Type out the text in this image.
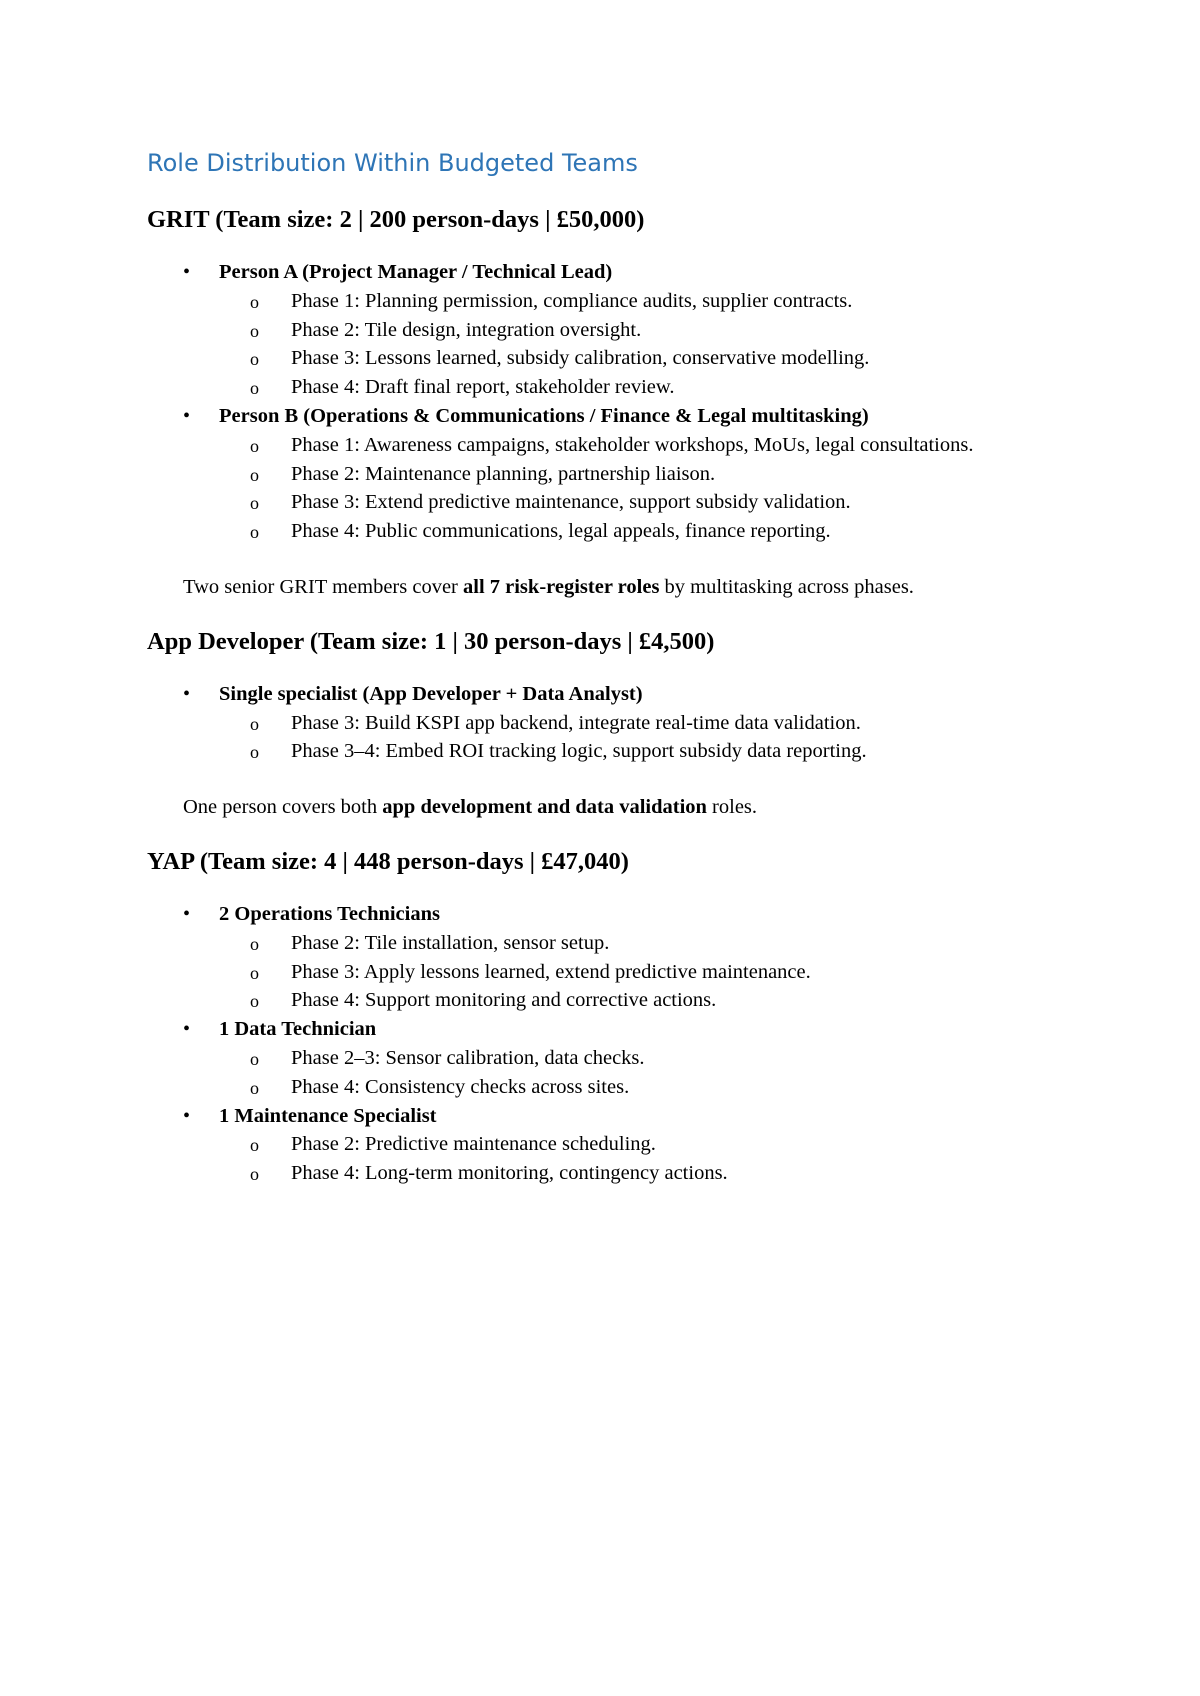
Role Distribution Within Budgeted Teams
GRIT (Team size: 2 | 200 person-days | £50,000)
• Person A (Project Manager / Technical Lead)
o Phase 1: Planning permission, compliance audits, supplier contracts.
o Phase 2: Tile design, integration oversight.
o Phase 3: Lessons learned, subsidy calibration, conservative modelling.
o Phase 4: Draft final report, stakeholder review.
• Person B (Operations & Communications / Finance & Legal multitasking)
o Phase 1: Awareness campaigns, stakeholder workshops, MoUs, legal consultations.
o Phase 2: Maintenance planning, partnership liaison.
o Phase 3: Extend predictive maintenance, support subsidy validation.
o Phase 4: Public communications, legal appeals, finance reporting.

Two senior GRIT members cover all 7 risk-register roles by multitasking across phases.

App Developer (Team size: 1 | 30 person-days | £4,500)
• Single specialist (App Developer + Data Analyst)
o Phase 3: Build KSPI app backend, integrate real-time data validation.
o Phase 3–4: Embed ROI tracking logic, support subsidy data reporting.

One person covers both app development and data validation roles.

YAP (Team size: 4 | 448 person-days | £47,040)
• 2 Operations Technicians
o Phase 2: Tile installation, sensor setup.
o Phase 3: Apply lessons learned, extend predictive maintenance.
o Phase 4: Support monitoring and corrective actions.
• 1 Data Technician
o Phase 2–3: Sensor calibration, data checks.
o Phase 4: Consistency checks across sites.
• 1 Maintenance Specialist
o Phase 2: Predictive maintenance scheduling.
o Phase 4: Long-term monitoring, contingency actions.
